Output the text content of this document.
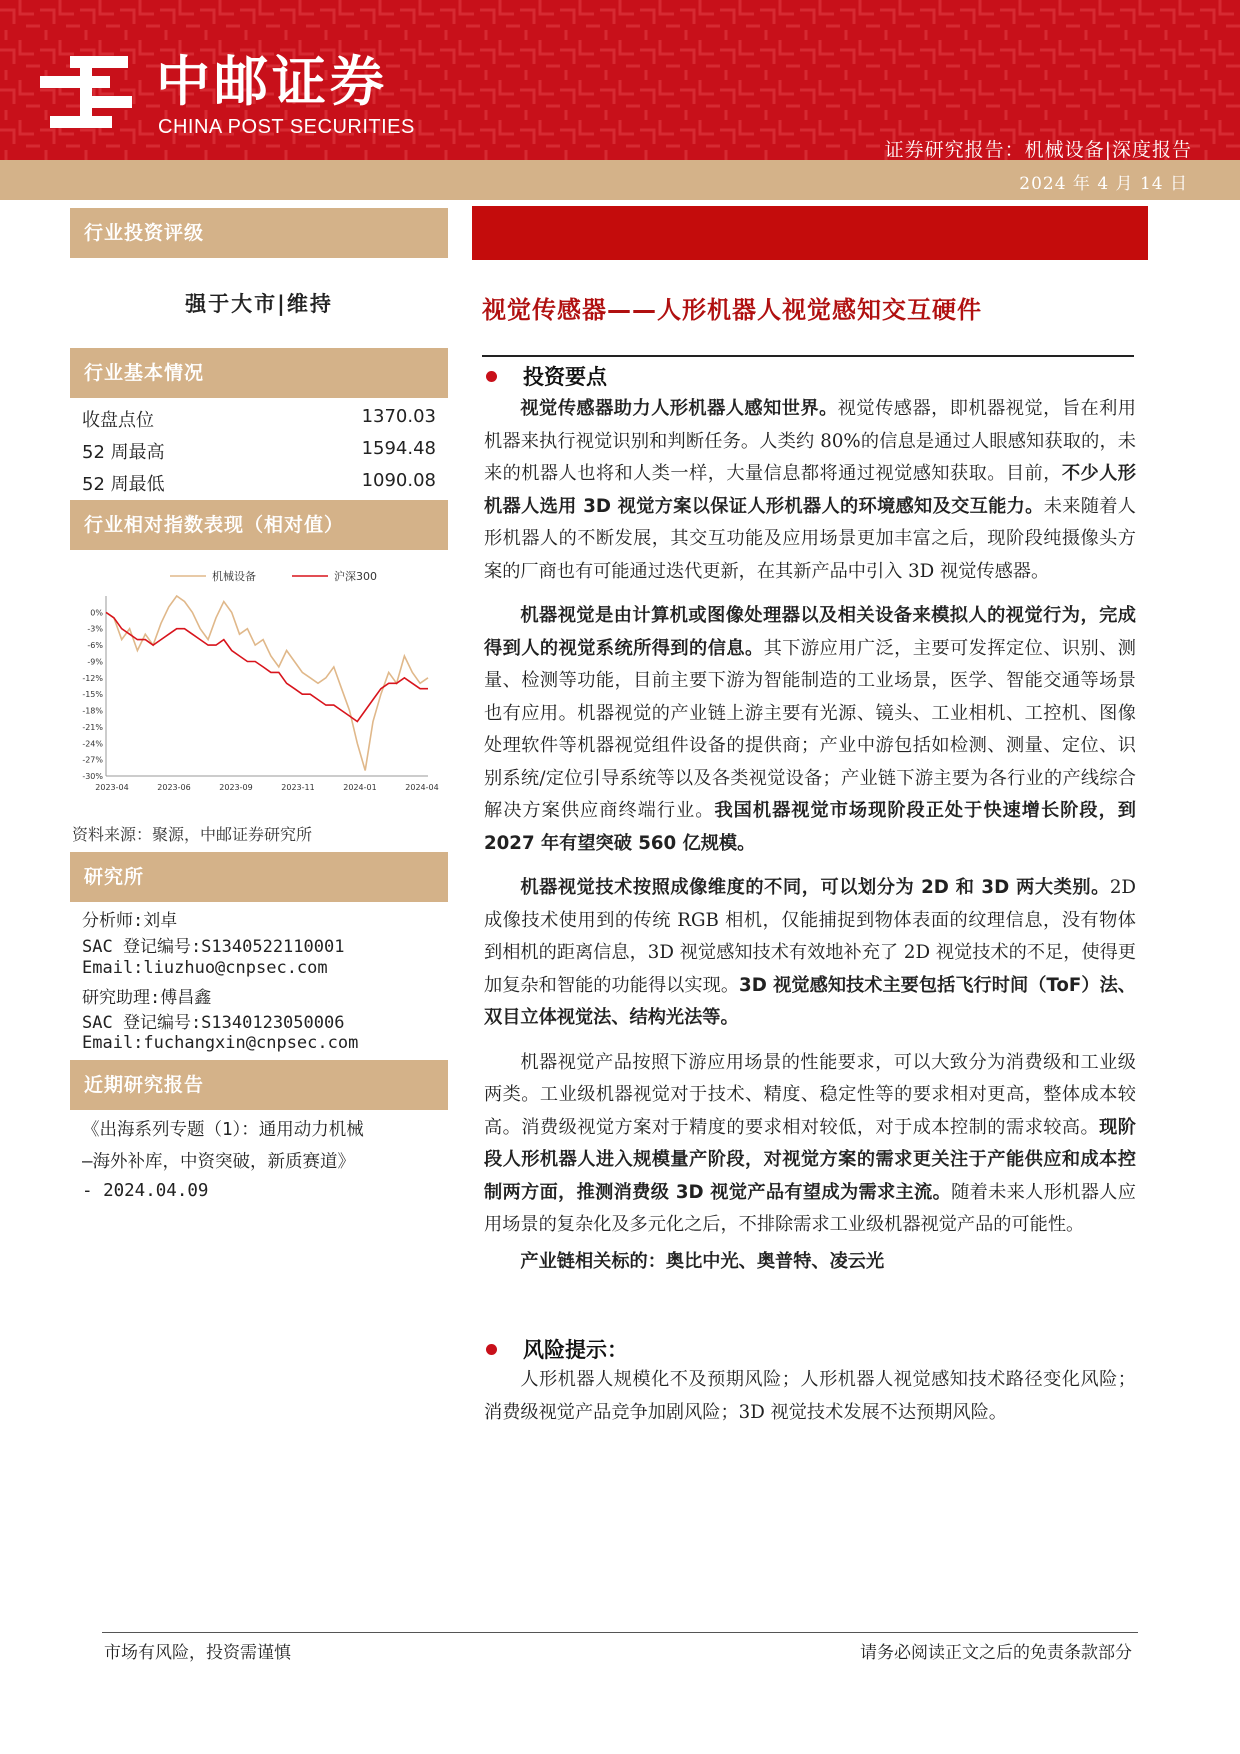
中邮证券
CHINA POST SECURITIES
证券研究报告：机械设备|深度报告
2024 年 4 月 14 日
行业投资评级
强于大市|维持
行业基本情况
收盘点位	1370.03
52 周最高	1594.48
52 周最低	1090.08
行业相对指数表现（相对值）
0%
-3%
-6%
-9%
-12%
-15%
-18%
-21%
-24%
-27%
-30%
2023-04	2023-06	2023-09	2023-11	2024-01	2024-04
机械设备	沪深300
资料来源：聚源，中邮证券研究所
研究所
分析师:刘卓
SAC 登记编号:S1340522110001
Email:liuzhuo@cnpsec.com
研究助理:傅昌鑫
SAC 登记编号:S1340123050006
Email:fuchangxin@cnpsec.com
近期研究报告
《出海系列专题（1）：通用动力机械
—海外补库，中资突破，新质赛道》
- 2024.04.09
视觉传感器——人形机器人视觉感知交互硬件
投资要点

视觉传感器助力人形机器人感知世界。视觉传感器，即机器视觉，旨在利用机器来执行视觉识别和判断任务。人类约 80%的信息是通过人眼感知获取的，未来的机器人也将和人类一样，大量信息都将通过视觉感知获取。目前，不少人形机器人选用 3D 视觉方案以保证人形机器人的环境感知及交互能力。未来随着人形机器人的不断发展，其交互功能及应用场景更加丰富之后，现阶段纯摄像头方案的厂商也有可能通过迭代更新，在其新产品中引入 3D 视觉传感器。

机器视觉是由计算机或图像处理器以及相关设备来模拟人的视觉行为，完成得到人的视觉系统所得到的信息。其下游应用广泛，主要可发挥定位、识别、测量、检测等功能，目前主要下游为智能制造的工业场景，医学、智能交通等场景也有应用。机器视觉的产业链上游主要有光源、镜头、工业相机、工控机、图像处理软件等机器视觉组件设备的提供商；产业中游包括如检测、测量、定位、识别系统/定位引导系统等以及各类视觉设备；产业链下游主要为各行业的产线综合解决方案供应商终端行业。我国机器视觉市场现阶段正处于快速增长阶段，到 2027 年有望突破 560 亿规模。

机器视觉技术按照成像维度的不同，可以划分为 2D 和 3D 两大类别。2D 成像技术使用到的传统 RGB 相机，仅能捕捉到物体表面的纹理信息，没有物体到相机的距离信息，3D 视觉感知技术有效地补充了 2D 视觉技术的不足，使得更加复杂和智能的功能得以实现。3D 视觉感知技术主要包括飞行时间（ToF）法、双目立体视觉法、结构光法等。

机器视觉产品按照下游应用场景的性能要求，可以大致分为消费级和工业级两类。工业级机器视觉对于技术、精度、稳定性等的要求相对更高，整体成本较高。消费级视觉方案对于精度的要求相对较低，对于成本控制的需求较高。现阶段人形机器人进入规模量产阶段，对视觉方案的需求更关注于产能供应和成本控制两方面，推测消费级 3D 视觉产品有望成为需求主流。随着未来人形机器人应用场景的复杂化及多元化之后，不排除需求工业级机器视觉产品的可能性。

产业链相关标的：奥比中光、奥普特、凌云光

风险提示：

人形机器人规模化不及预期风险；人形机器人视觉感知技术路径变化风险；消费级视觉产品竞争加剧风险；3D 视觉技术发展不达预期风险。

市场有风险，投资需谨慎	请务必阅读正文之后的免责条款部分
